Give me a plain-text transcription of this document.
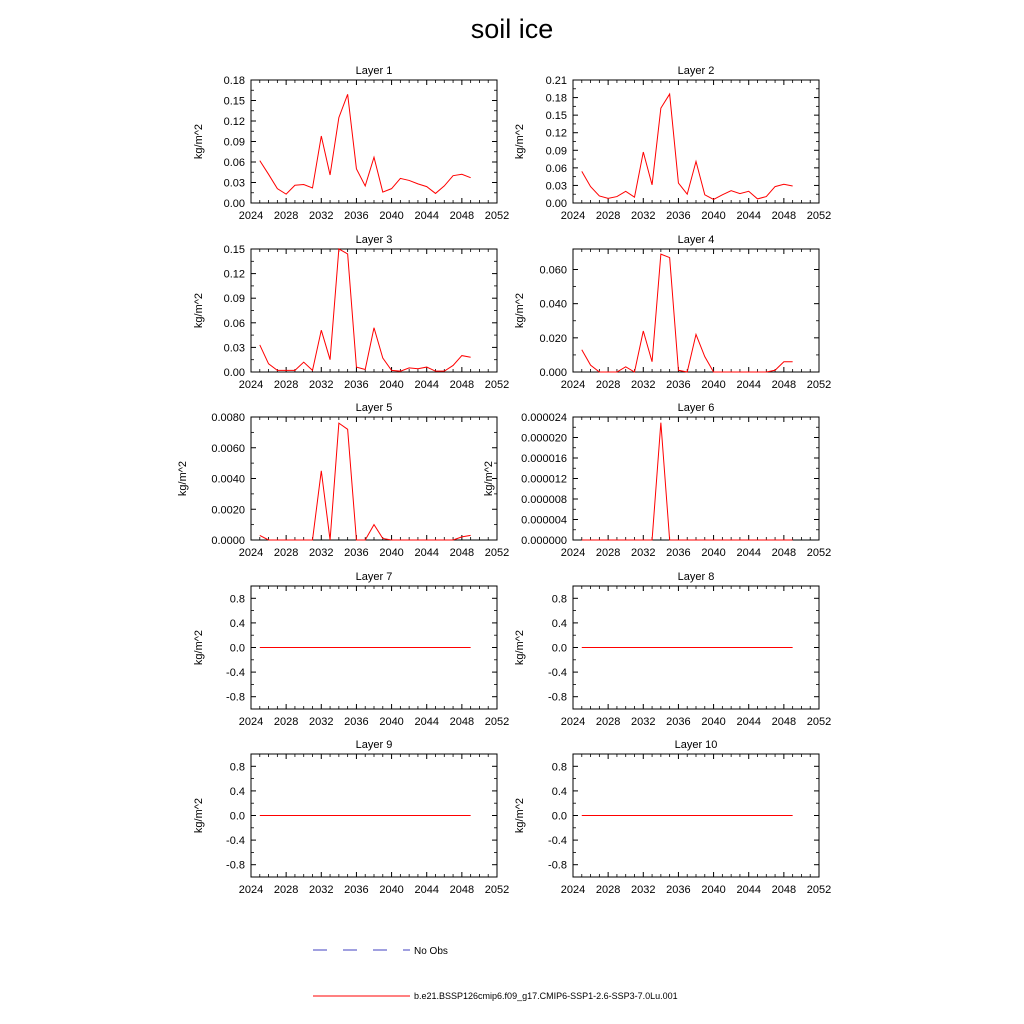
soil ice
Layer 1
2024 2028 2032 2036 2040 2044 2048 2052
0.00
0.03
0.06
0.09
0.12
0.15
0.18
kg/m^2
Layer 2
2024 2028 2032 2036 2040 2044 2048 2052
0.00
0.03
0.06
0.09
0.12
0.15
0.18
0.21
kg/m^2
Layer 3
2024 2028 2032 2036 2040 2044 2048 2052
0.00
0.03
0.06
0.09
0.12
0.15
kg/m^2
Layer 4
2024 2028 2032 2036 2040 2044 2048 2052
0.000
0.020
0.040
0.060
kg/m^2
Layer 5
2024 2028 2032 2036 2040 2044 2048 2052
0.0000
0.0020
0.0040
0.0060
0.0080
kg/m^2
Layer 6
2024 2028 2032 2036 2040 2044 2048 2052
0.000000
0.000004
0.000008
0.000012
0.000016
0.000020
0.000024
kg/m^2
Layer 7
2024 2028 2032 2036 2040 2044 2048 2052
-0.8
-0.4
0.0
0.4
0.8
kg/m^2
Layer 8
2024 2028 2032 2036 2040 2044 2048 2052
-0.8
-0.4
0.0
0.4
0.8
kg/m^2
Layer 9
2024 2028 2032 2036 2040 2044 2048 2052
-0.8
-0.4
0.0
0.4
0.8
kg/m^2
Layer 10
2024 2028 2032 2036 2040 2044 2048 2052
-0.8
-0.4
0.0
0.4
0.8
kg/m^2
No Obs
b.e21.BSSP126cmip6.f09_g17.CMIP6-SSP1-2.6-SSP3-7.0Lu.001
